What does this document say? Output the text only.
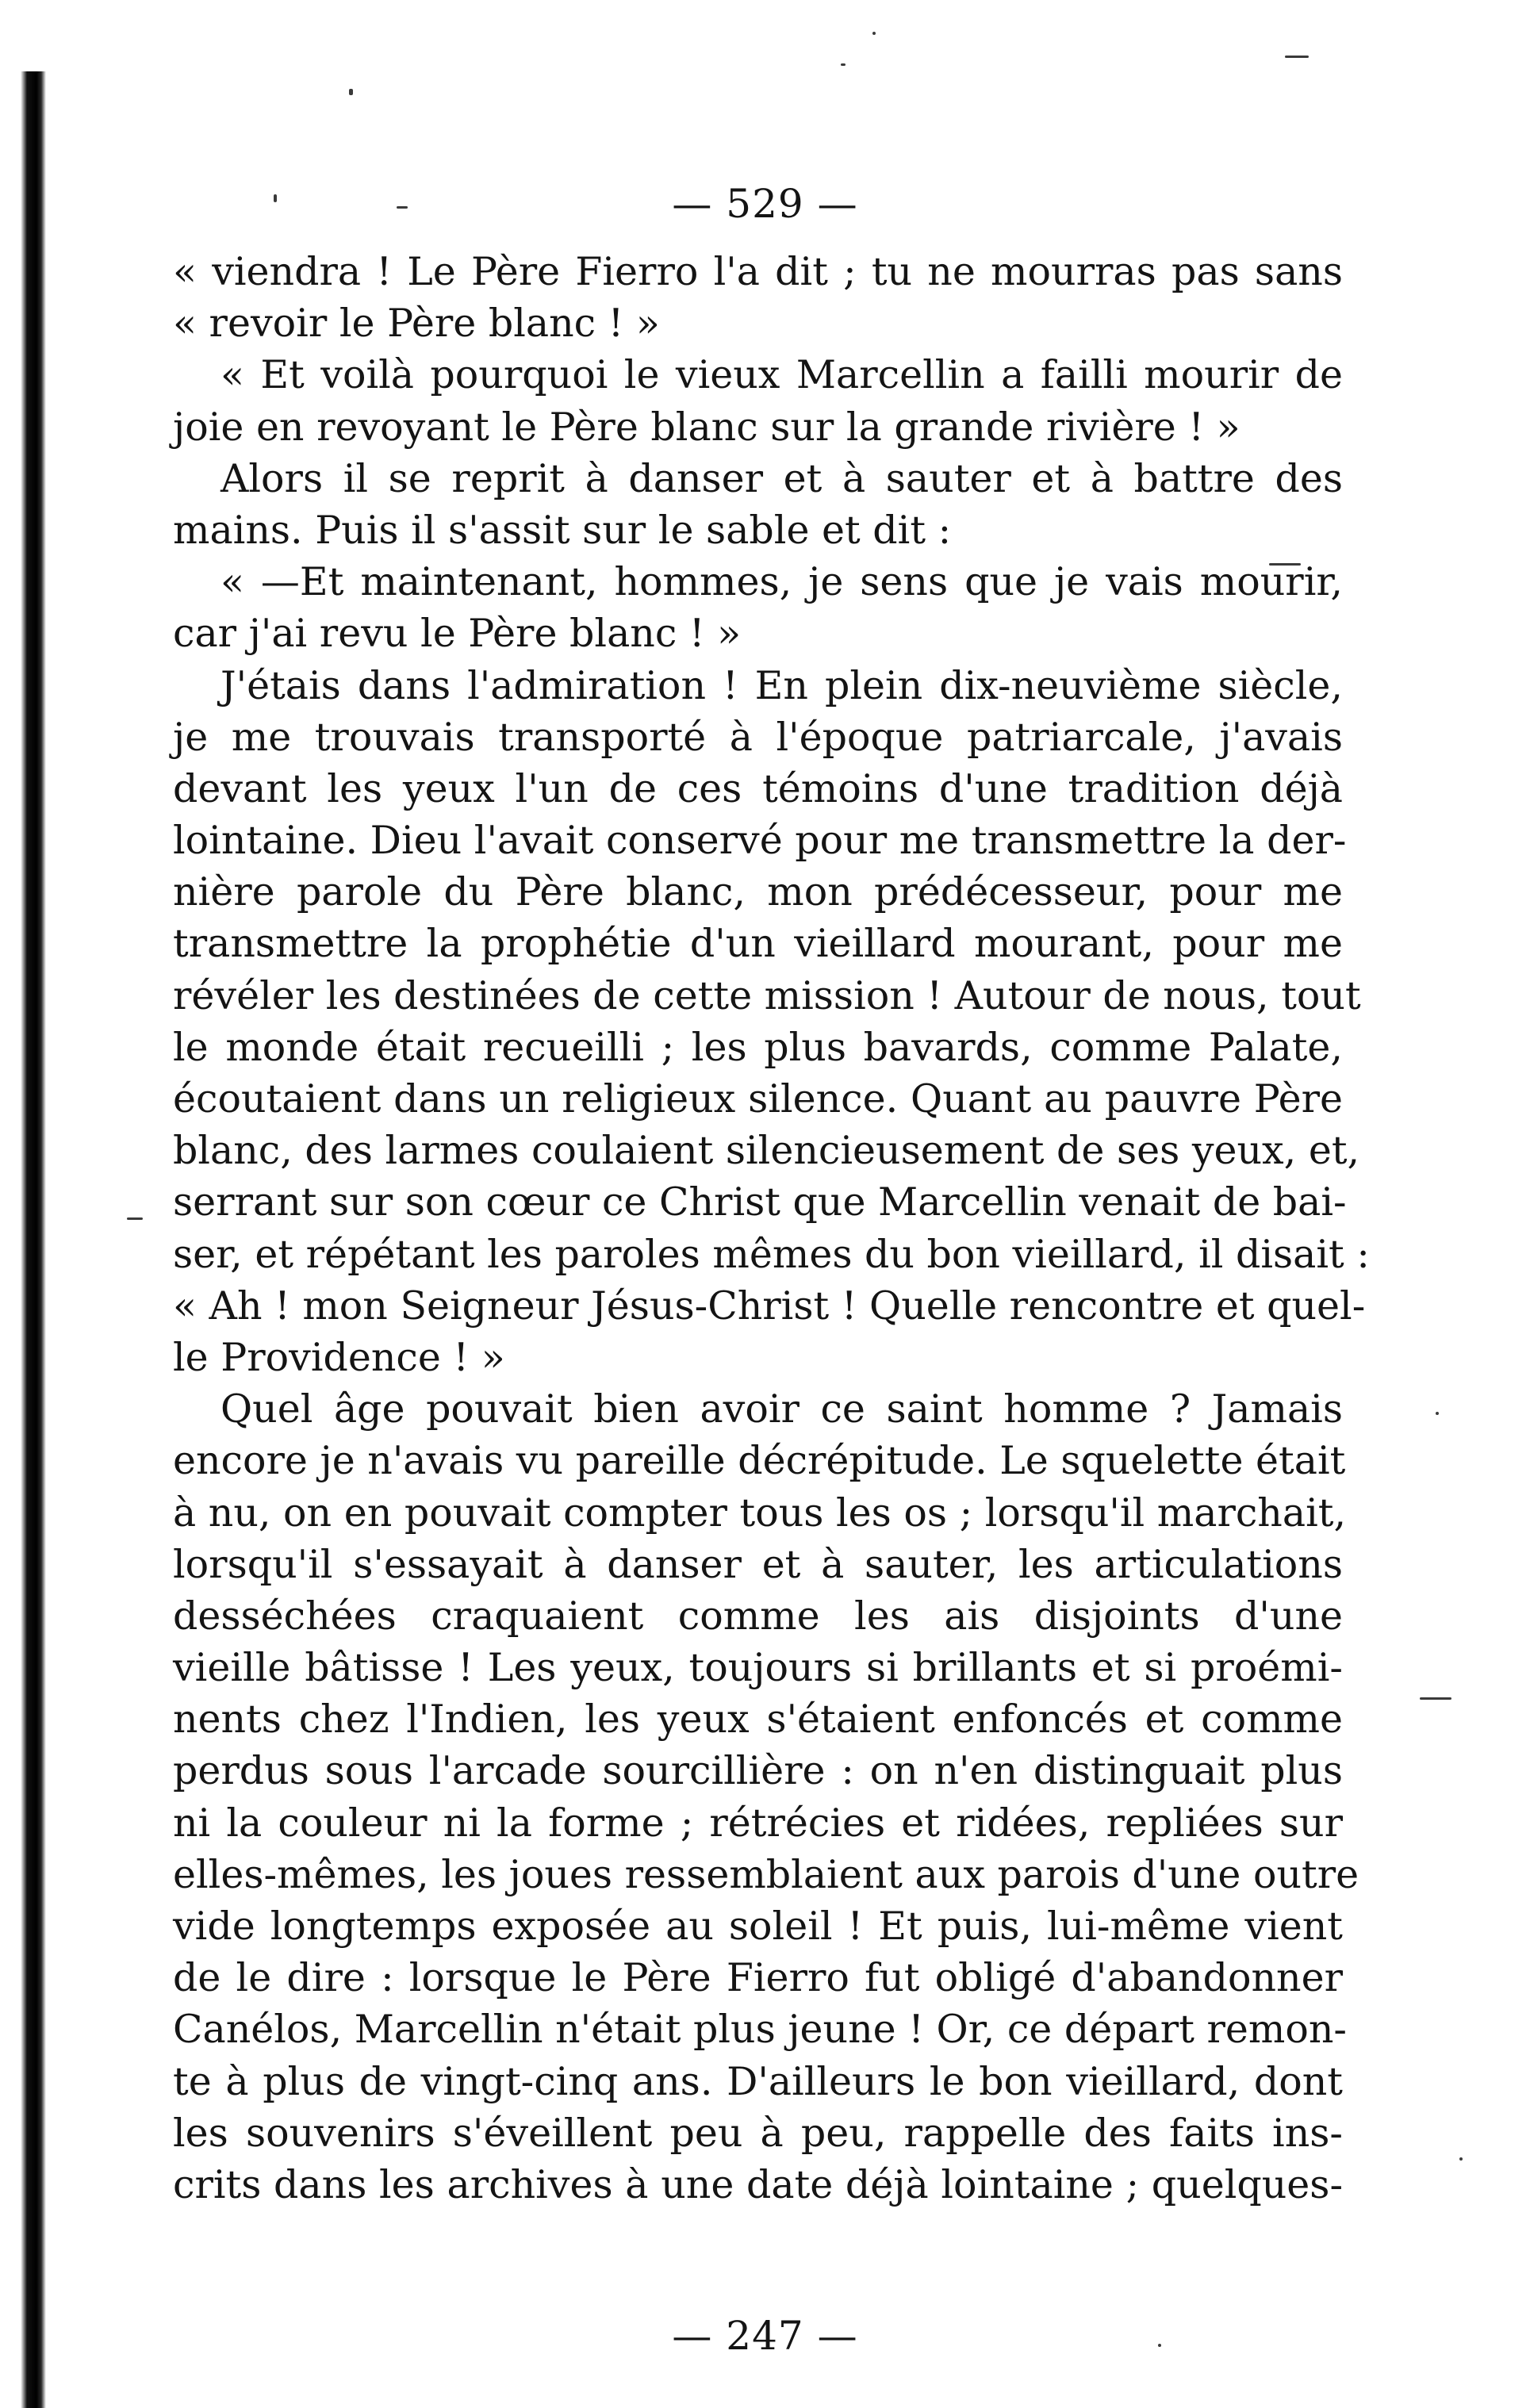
— 529 —
« viendra ! Le Père Fierro l'a dit ; tu ne mourras pas sans
« revoir le Père blanc ! »
« Et voilà pourquoi le vieux Marcellin a failli mourir de
joie en revoyant le Père blanc sur la grande rivière ! »
Alors il se reprit à danser et à sauter et à battre des
mains. Puis il s'assit sur le sable et dit :
« —Et maintenant, hommes, je sens que je vais mourir,
car j'ai revu le Père blanc ! »
J'étais dans l'admiration ! En plein dix-neuvième siècle,
je me trouvais transporté à l'époque patriarcale, j'avais
devant les yeux l'un de ces témoins d'une tradition déjà
lointaine. Dieu l'avait conservé pour me transmettre la der-
nière parole du Père blanc, mon prédécesseur, pour me
transmettre la prophétie d'un vieillard mourant, pour me
révéler les destinées de cette mission ! Autour de nous, tout
le monde était recueilli ; les plus bavards, comme Palate,
écoutaient dans un religieux silence. Quant au pauvre Père
blanc, des larmes coulaient silencieusement de ses yeux, et,
serrant sur son cœur ce Christ que Marcellin venait de bai-
ser, et répétant les paroles mêmes du bon vieillard, il disait :
« Ah ! mon Seigneur Jésus-Christ ! Quelle rencontre et quel-
le Providence ! »
Quel âge pouvait bien avoir ce saint homme ? Jamais
encore je n'avais vu pareille décrépitude. Le squelette était
à nu, on en pouvait compter tous les os ; lorsqu'il marchait,
lorsqu'il s'essayait à danser et à sauter, les articulations
desséchées craquaient comme les ais disjoints d'une
vieille bâtisse ! Les yeux, toujours si brillants et si proémi-
nents chez l'Indien, les yeux s'étaient enfoncés et comme
perdus sous l'arcade sourcillière : on n'en distinguait plus
ni la couleur ni la forme ; rétrécies et ridées, repliées sur
elles-mêmes, les joues ressemblaient aux parois d'une outre
vide longtemps exposée au soleil ! Et puis, lui-même vient
de le dire : lorsque le Père Fierro fut obligé d'abandonner
Canélos, Marcellin n'était plus jeune ! Or, ce départ remon-
te à plus de vingt-cinq ans. D'ailleurs le bon vieillard, dont
les souvenirs s'éveillent peu à peu, rappelle des faits ins-
crits dans les archives à une date déjà lointaine ; quelques-
— 247 —
